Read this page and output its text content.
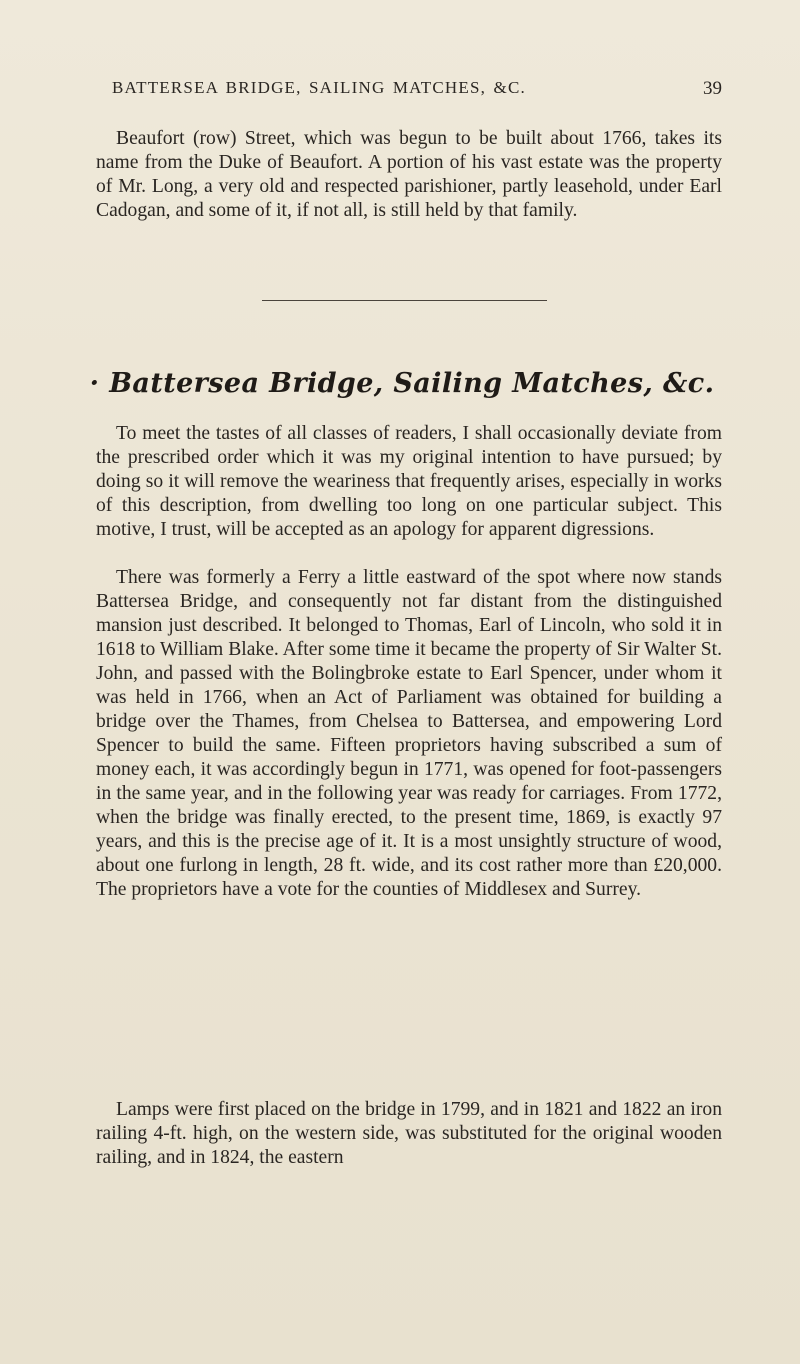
BATTERSEA BRIDGE, SAILING MATCHES, &C.	39

Beaufort (row) Street, which was begun to be built about 1766, takes its name from the Duke of Beaufort. A portion of his vast estate was the property of Mr. Long, a very old and respected parishioner, partly leasehold, under Earl Cadogan, and some of it, if not all, is still held by that family.

· Battersea Bridge, Sailing Matches, &c.

To meet the tastes of all classes of readers, I shall occasionally deviate from the prescribed order which it was my original intention to have pursued; by doing so it will remove the weariness that frequently arises, especially in works of this description, from dwelling too long on one particular subject. This motive, I trust, will be accepted as an apology for apparent digressions.

There was formerly a Ferry a little eastward of the spot where now stands Battersea Bridge, and consequently not far distant from the distinguished mansion just described. It belonged to Thomas, Earl of Lincoln, who sold it in 1618 to William Blake. After some time it became the property of Sir Walter St. John, and passed with the Bolingbroke estate to Earl Spencer, under whom it was held in 1766, when an Act of Parliament was obtained for building a bridge over the Thames, from Chelsea to Battersea, and empowering Lord Spencer to build the same. Fifteen proprietors having subscribed a sum of money each, it was accordingly begun in 1771, was opened for foot-passengers in the same year, and in the following year was ready for carriages. From 1772, when the bridge was finally erected, to the present time, 1869, is exactly 97 years, and this is the precise age of it. It is a most unsightly structure of wood, about one furlong in length, 28 ft. wide, and its cost rather more than £20,000. The proprietors have a vote for the counties of Middlesex and Surrey.

Lamps were first placed on the bridge in 1799, and in 1821 and 1822 an iron railing 4-ft. high, on the western side, was substituted for the original wooden railing, and in 1824, the eastern
